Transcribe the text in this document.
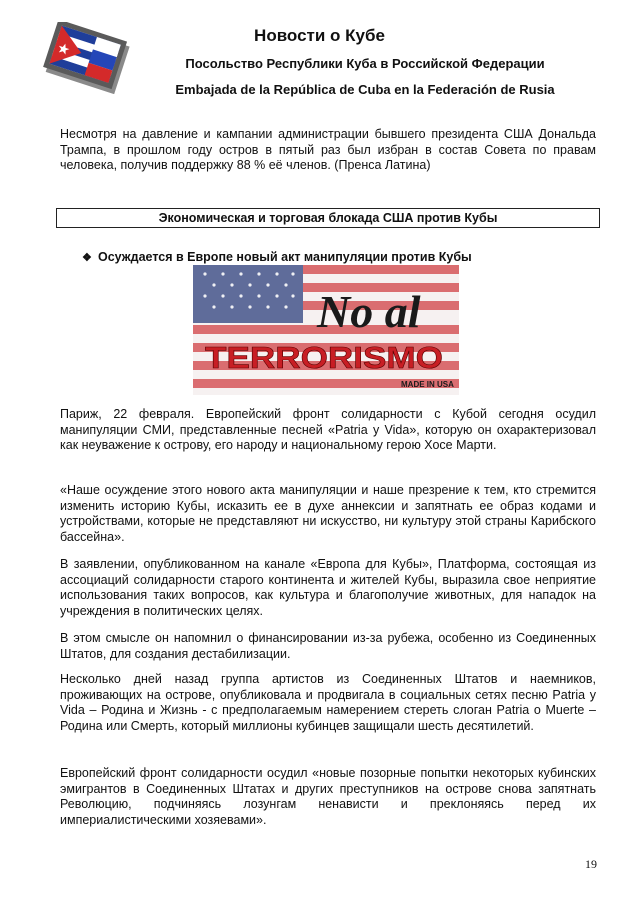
Новости о Кубе
Посольство Республики Куба в Российской Федерации
Embajada de la República de Cuba en la Federación de Rusia

Несмотря на давление и кампании администрации бывшего президента США Дональда Трампа, в прошлом году остров в пятый раз был избран в состав Совета по правам человека, получив поддержку 88 % её членов. (Пренса Латина)

Экономическая и торговая блокада США против Кубы
❖ Осуждается в Европе новый акт манипуляции против Кубы
No al
TERRORISMO
MADE IN USA

Париж, 22 февраля. Европейский фронт солидарности с Кубой сегодня осудил манипуляции СМИ, представленные песней «Patria y Vida», которую он охарактеризовал как неуважение к острову, его народу и национальному герою Хосе Марти.

«Наше осуждение этого нового акта манипуляции и наше презрение к тем, кто стремится изменить историю Кубы, исказить ее в духе аннексии и запятнать ее образ кодами и устройствами, которые не представляют ни искусство, ни культуру этой страны Карибского бассейна».

В заявлении, опубликованном на канале «Европа для Кубы», Платформа, состоящая из ассоциаций солидарности старого континента и жителей Кубы, выразила свое неприятие использования таких вопросов, как культура и благополучие животных, для нападок на учреждения в политических целях.

В этом смысле он напомнил о финансировании из-за рубежа, особенно из Соединенных Штатов, для создания дестабилизации.

Несколько дней назад группа артистов из Соединенных Штатов и наемников, проживающих на острове, опубликовала и продвигала в социальных сетях песню Patria y Vida – Родина и Жизнь - с предполагаемым намерением стереть слоган Patria o Muerte – Родина или Смерть, который миллионы кубинцев защищали шесть десятилетий.

Европейский фронт солидарности осудил «новые позорные попытки некоторых кубинских эмигрантов в Соединенных Штатах и других преступников на острове снова запятнать Революцию, подчиняясь лозунгам ненависти и преклоняясь перед их империалистическими хозяевами».

19
